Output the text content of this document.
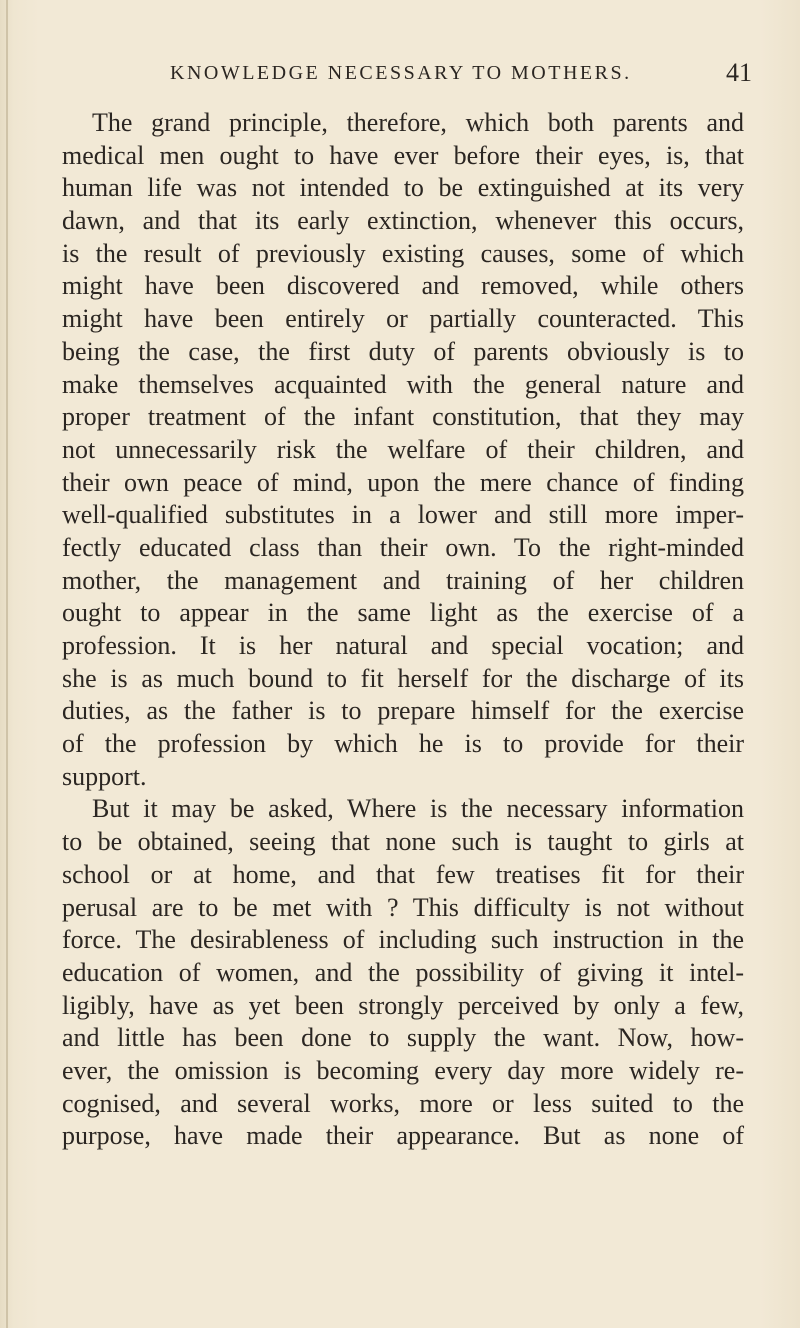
KNOWLEDGE NECESSARY TO MOTHERS.	41
The grand principle, therefore, which both parents and
medical men ought to have ever before their eyes, is, that
human life was not intended to be extinguished at its very
dawn, and that its early extinction, whenever this occurs,
is the result of previously existing causes, some of which
might have been discovered and removed, while others
might have been entirely or partially counteracted. This
being the case, the first duty of parents obviously is to
make themselves acquainted with the general nature and
proper treatment of the infant constitution, that they may
not unnecessarily risk the welfare of their children, and
their own peace of mind, upon the mere chance of finding
well-qualified substitutes in a lower and still more imper-
fectly educated class than their own. To the right-minded
mother, the management and training of her children
ought to appear in the same light as the exercise of a
profession. It is her natural and special vocation; and
she is as much bound to fit herself for the discharge of its
duties, as the father is to prepare himself for the exercise
of the profession by which he is to provide for their
support.
But it may be asked, Where is the necessary information
to be obtained, seeing that none such is taught to girls at
school or at home, and that few treatises fit for their
perusal are to be met with ? This difficulty is not without
force. The desirableness of including such instruction in the
education of women, and the possibility of giving it intel-
ligibly, have as yet been strongly perceived by only a few,
and little has been done to supply the want. Now, how-
ever, the omission is becoming every day more widely re-
cognised, and several works, more or less suited to the
purpose, have made their appearance. But as none of
